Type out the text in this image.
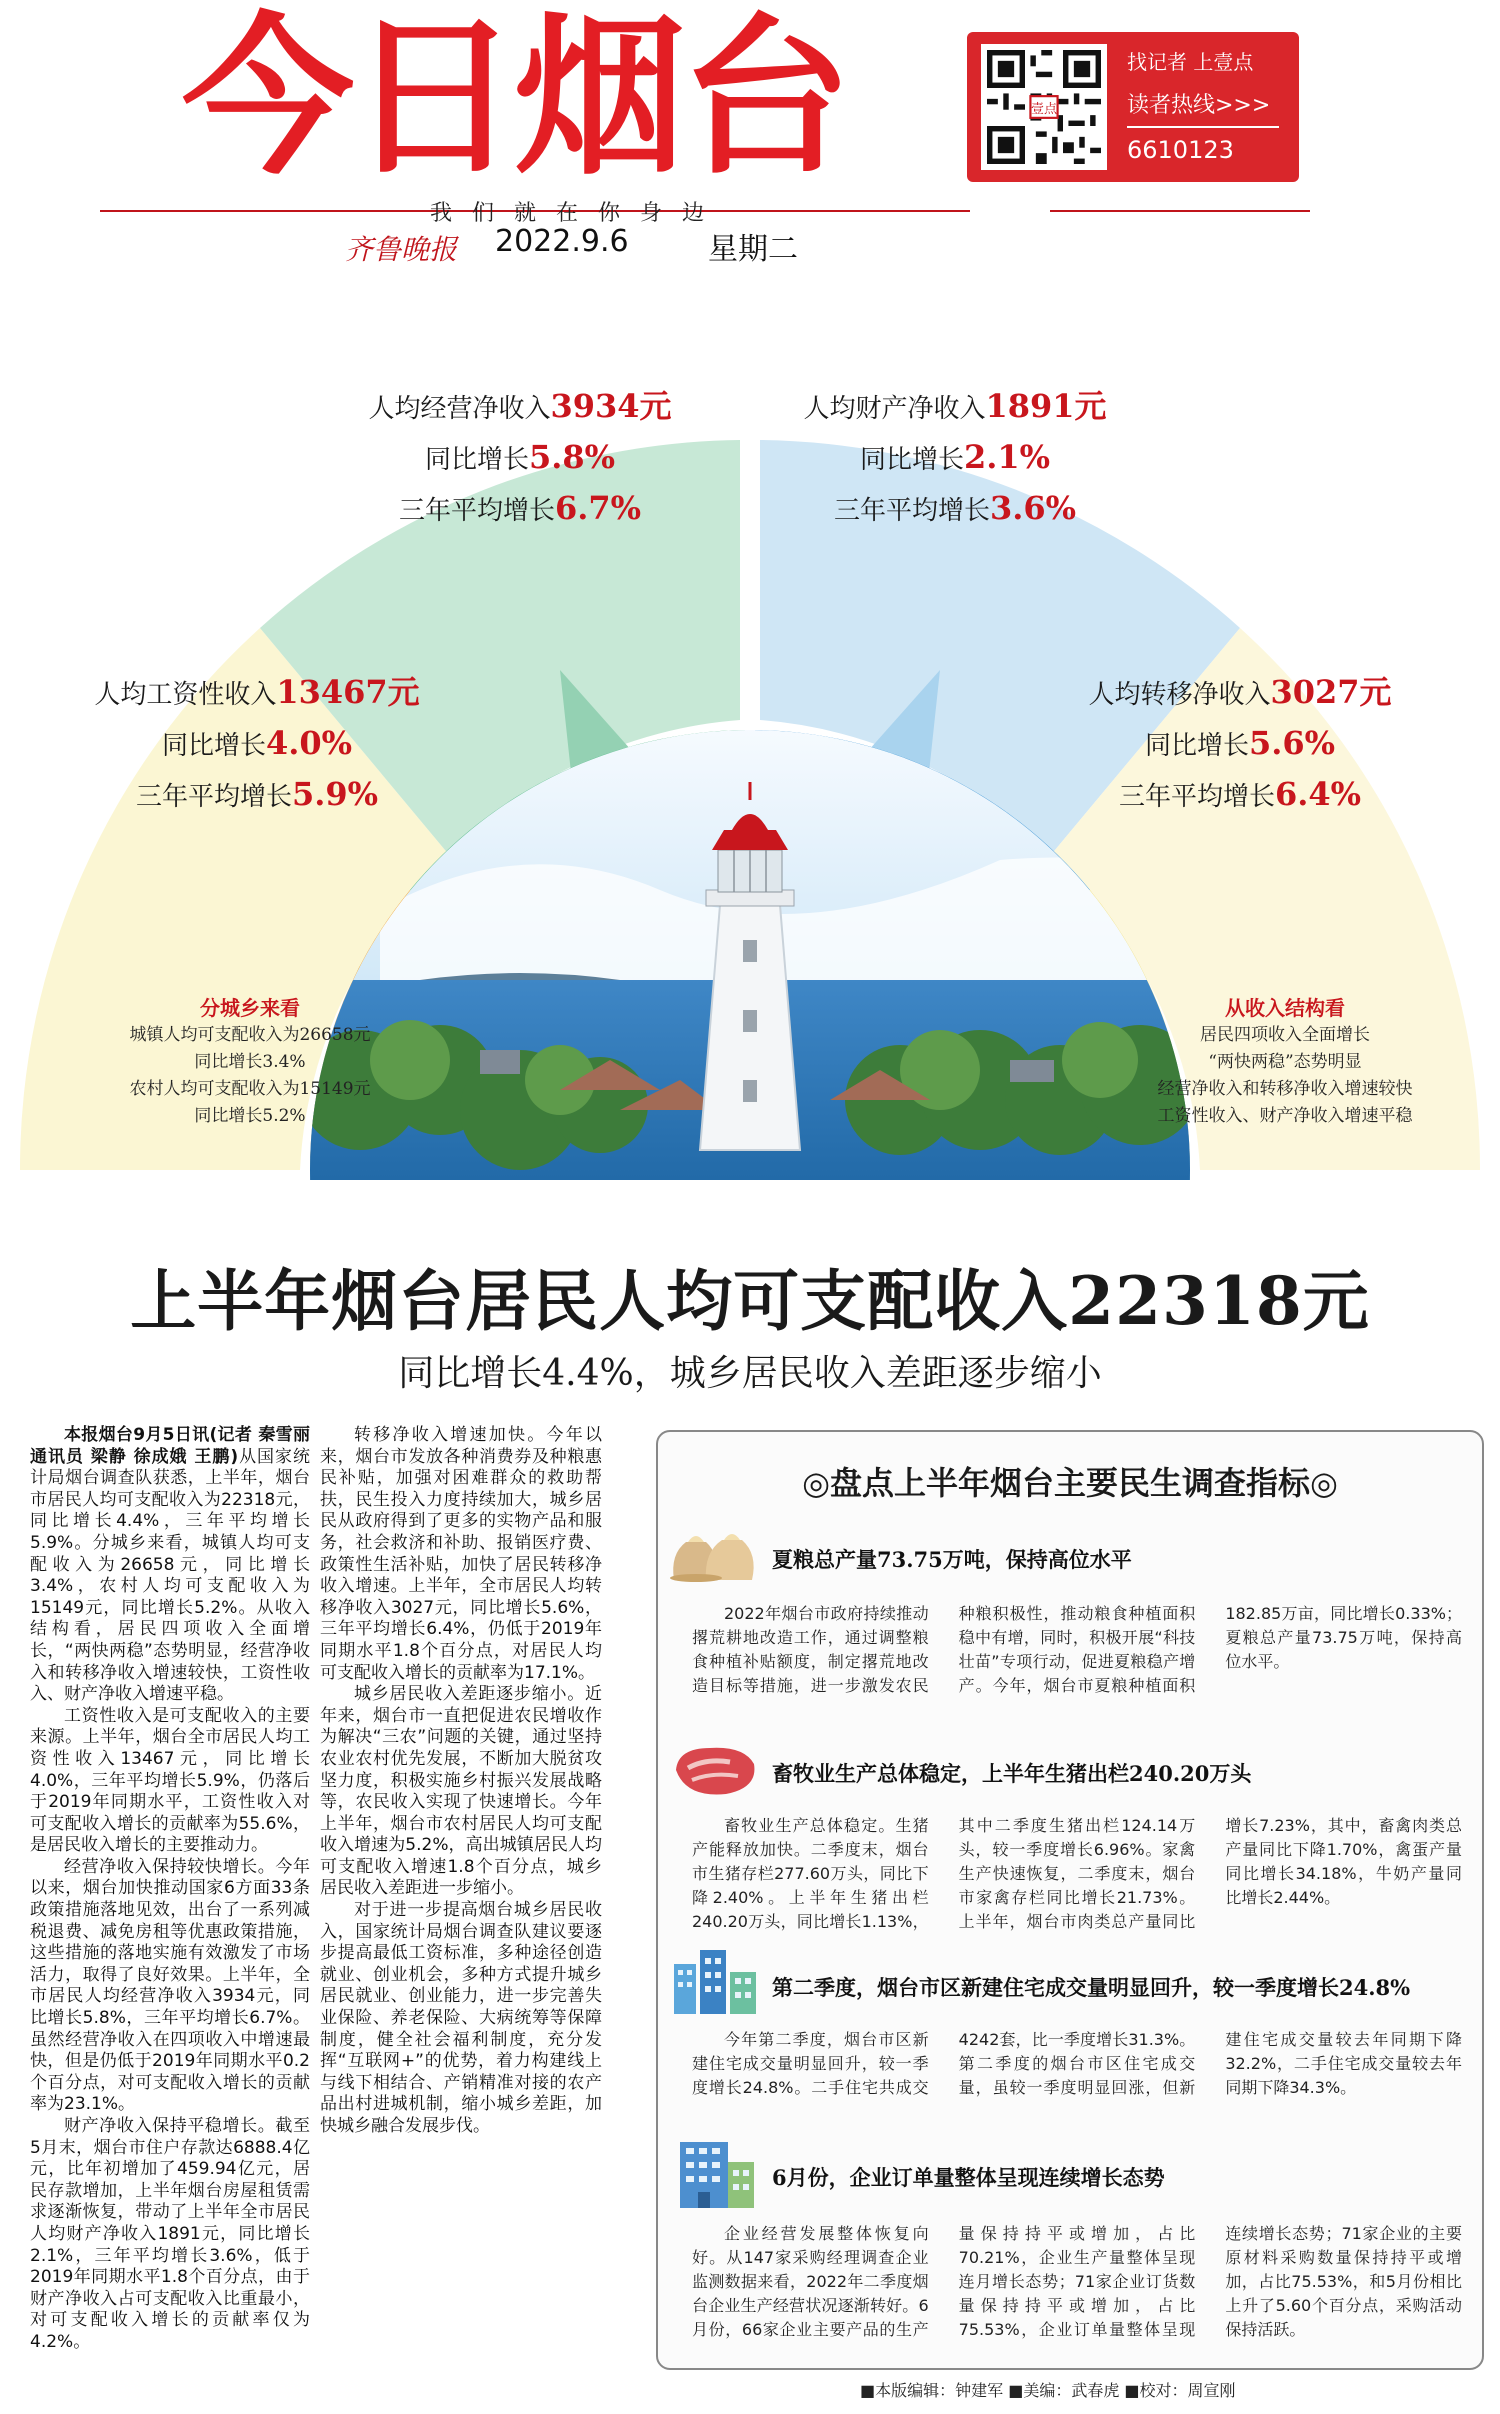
今日烟台
我们就在你身边
齐鲁晚报 2022.9.6	星期二
壹点
找记者 上壹点
读者热线>>>
6610123
人均经营净收入3934元
同比增长5.8%
三年平均增长6.7%
人均财产净收入1891元
同比增长2.1%
三年平均增长3.6%
人均工资性收入13467元
同比增长4.0%
三年平均增长5.9%
人均转移净收入3027元
同比增长5.6%
三年平均增长6.4%
分城乡来看
城镇人均可支配收入为26658元
同比增长3.4%
农村人均可支配收入为15149元
同比增长5.2%
从收入结构看
居民四项收入全面增长
“两快两稳”态势明显
经营净收入和转移净收入增速较快
工资性收入、财产净收入增速平稳
上半年烟台居民人均可支配收入22318元
同比增长4.4%，城乡居民收入差距逐步缩小

本报烟台9月5日讯(记者 秦雪丽 通讯员 梁静 徐成娥 王鹏)从国家统计局烟台调查队获悉，上半年，烟台市居民人均可支配收入为22318元，同比增长4.4%，三年平均增长5.9%。分城乡来看，城镇人均可支配收入为26658元，同比增长3.4%，农村人均可支配收入为15149元，同比增长5.2%。从收入结构看，居民四项收入全面增长，“两快两稳”态势明显，经营净收入和转移净收入增速较快，工资性收入、财产净收入增速平稳。

工资性收入是可支配收入的主要来源。上半年，烟台全市居民人均工资性收入13467元，同比增长4.0%，三年平均增长5.9%，仍落后于2019年同期水平，工资性收入对可支配收入增长的贡献率为55.6%，是居民收入增长的主要推动力。

经营净收入保持较快增长。今年以来，烟台加快推动国家6方面33条政策措施落地见效，出台了一系列减税退费、减免房租等优惠政策措施，这些措施的落地实施有效激发了市场活力，取得了良好效果。上半年，全市居民人均经营净收入3934元，同比增长5.8%，三年平均增长6.7%。虽然经营净收入在四项收入中增速最快，但是仍低于2019年同期水平0.2个百分点，对可支配收入增长的贡献率为23.1%。

财产净收入保持平稳增长。截至5月末，烟台市住户存款达6888.4亿元，比年初增加了459.94亿元，居民存款增加，上半年烟台房屋租赁需求逐渐恢复，带动了上半年全市居民人均财产净收入1891元，同比增长2.1%，三年平均增长3.6%，低于2019年同期水平1.8个百分点，由于财产净收入占可支配收入比重最小，对可支配收入增长的贡献率仅为4.2%。

转移净收入增速加快。今年以来，烟台市发放各种消费券及种粮惠民补贴，加强对困难群众的救助帮扶，民生投入力度持续加大，城乡居民从政府得到了更多的实物产品和服务，社会救济和补助、报销医疗费、政策性生活补贴，加快了居民转移净收入增速。上半年，全市居民人均转移净收入3027元，同比增长5.6%，三年平均增长6.4%，仍低于2019年同期水平1.8个百分点，对居民人均可支配收入增长的贡献率为17.1%。

城乡居民收入差距逐步缩小。近年来，烟台市一直把促进农民增收作为解决“三农”问题的关键，通过坚持农业农村优先发展，不断加大脱贫攻坚力度，积极实施乡村振兴发展战略等，农民收入实现了快速增长。今年上半年，烟台市农村居民人均可支配收入增速为5.2%，高出城镇居民人均可支配收入增速1.8个百分点，城乡居民收入差距进一步缩小。

对于进一步提高烟台城乡居民收入，国家统计局烟台调查队建议要逐步提高最低工资标准，多种途径创造就业、创业机会，多种方式提升城乡居民就业、创业能力，进一步完善失业保险、养老保险、大病统筹等保障制度，健全社会福利制度，充分发挥“互联网+”的优势，着力构建线上与线下相结合、产销精准对接的农产品出村进城机制，缩小城乡差距，加快城乡融合发展步伐。

◎盘点上半年烟台主要民生调查指标◎
夏粮总产量73.75万吨，保持高位水平

2022年烟台市政府持续推动撂荒耕地改造工作，通过调整粮食种植补贴额度，制定撂荒地改造目标等措施，进一步激发农民种粮积极性，推动粮食种植面积稳中有增，同时，积极开展“科技壮苗”专项行动，促进夏粮稳产增产。今年，烟台市夏粮种植面积182.85万亩，同比增长0.33%；夏粮总产量73.75万吨，保持高位水平。

畜牧业生产总体稳定，上半年生猪出栏240.20万头

畜牧业生产总体稳定。生猪产能释放加快。二季度末，烟台市生猪存栏277.60万头，同比下降2.40%。上半年生猪出栏240.20万头，同比增长1.13%，其中二季度生猪出栏124.14万头，较一季度增长6.96%。家禽生产快速恢复，二季度末，烟台市家禽存栏同比增长21.73%。上半年，烟台市肉类总产量同比增长7.23%，其中，畜禽肉类总产量同比下降1.70%，禽蛋产量同比增长34.18%，牛奶产量同比增长2.44%。

第二季度，烟台市区新建住宅成交量明显回升，较一季度增长24.8%

今年第二季度，烟台市区新建住宅成交量明显回升，较一季度增长24.8%。二手住宅共成交4242套，比一季度增长31.3%。第二季度的烟台市区住宅成交量，虽较一季度明显回涨，但新建住宅成交量较去年同期下降32.2%，二手住宅成交量较去年同期下降34.3%。

6月份，企业订单量整体呈现连续增长态势

企业经营发展整体恢复向好。从147家采购经理调查企业监测数据来看，2022年二季度烟台企业生产经营状况逐渐转好。6月份，66家企业主要产品的生产量保持持平或增加，占比70.21%，企业生产量整体呈现连月增长态势；71家企业订货数量保持持平或增加，占比75.53%，企业订单量整体呈现连续增长态势；71家企业的主要原材料采购数量保持持平或增加，占比75.53%，和5月份相比上升了5.60个百分点，采购活动保持活跃。

■本版编辑：钟建军 ■美编：武春虎 ■校对：周宣刚
